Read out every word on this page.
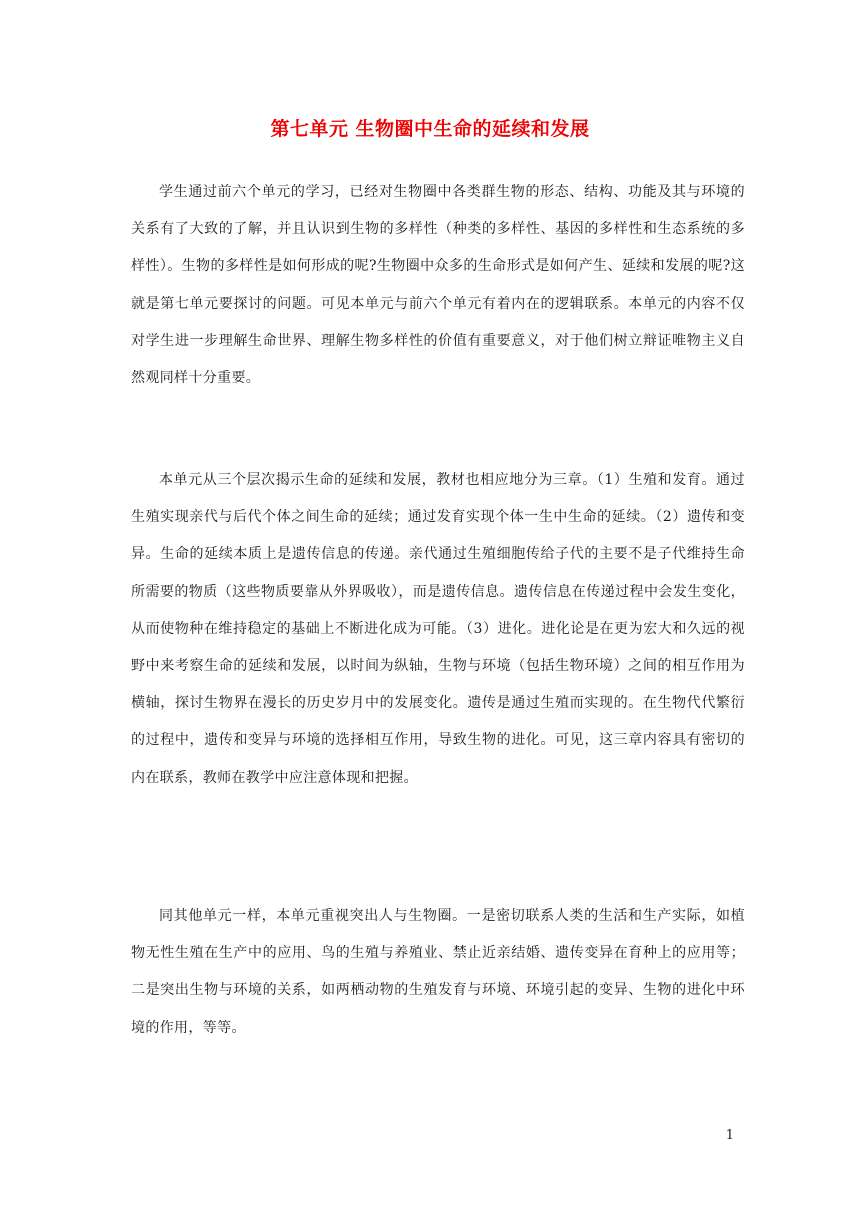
第七单元 生物圈中生命的延续和发展

学生通过前六个单元的学习，已经对生物圈中各类群生物的形态、结构、功能及其与环境的关系有了大致的了解，并且认识到生物的多样性（种类的多样性、基因的多样性和生态系统的多样性）。生物的多样性是如何形成的呢?生物圈中众多的生命形式是如何产生、延续和发展的呢?这就是第七单元要探讨的问题。可见本单元与前六个单元有着内在的逻辑联系。本单元的内容不仅对学生进一步理解生命世界、理解生物多样性的价值有重要意义，对于他们树立辩证唯物主义自然观同样十分重要。

本单元从三个层次揭示生命的延续和发展，教材也相应地分为三章。（1）生殖和发育。通过生殖实现亲代与后代个体之间生命的延续；通过发育实现个体一生中生命的延续。（2）遗传和变异。生命的延续本质上是遗传信息的传递。亲代通过生殖细胞传给子代的主要不是子代维持生命所需要的物质（这些物质要靠从外界吸收），而是遗传信息。遗传信息在传递过程中会发生变化，从而使物种在维持稳定的基础上不断进化成为可能。（3）进化。进化论是在更为宏大和久远的视野中来考察生命的延续和发展，以时间为纵轴，生物与环境（包括生物环境）之间的相互作用为横轴，探讨生物界在漫长的历史岁月中的发展变化。遗传是通过生殖而实现的。在生物代代繁衍的过程中，遗传和变异与环境的选择相互作用，导致生物的进化。可见，这三章内容具有密切的内在联系，教师在教学中应注意体现和把握。

同其他单元一样，本单元重视突出人与生物圈。一是密切联系人类的生活和生产实际，如植物无性生殖在生产中的应用、鸟的生殖与养殖业、禁止近亲结婚、遗传变异在育种上的应用等；二是突出生物与环境的关系，如两栖动物的生殖发育与环境、环境引起的变异、生物的进化中环境的作用，等等。

1
